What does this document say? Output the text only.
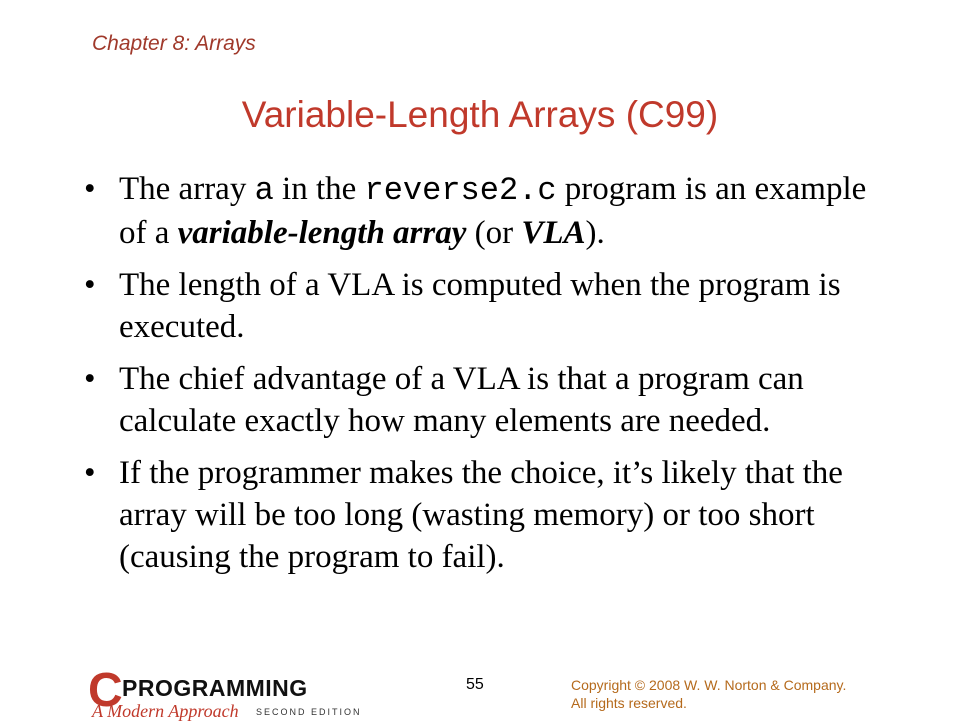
Chapter 8: Arrays
Variable-Length Arrays (C99)
• The array a in the reverse2.c program is an example of a variable-length array (or VLA).
• The length of a VLA is computed when the program is executed.
• The chief advantage of a VLA is that a program can calculate exactly how many elements are needed.
• If the programmer makes the choice, it’s likely that the array will be too long (wasting memory) or too short (causing the program to fail).
C PROGRAMMING
A Modern Approach SECOND EDITION
55	Copyright © 2008 W. W. Norton & Company.
All rights reserved.
